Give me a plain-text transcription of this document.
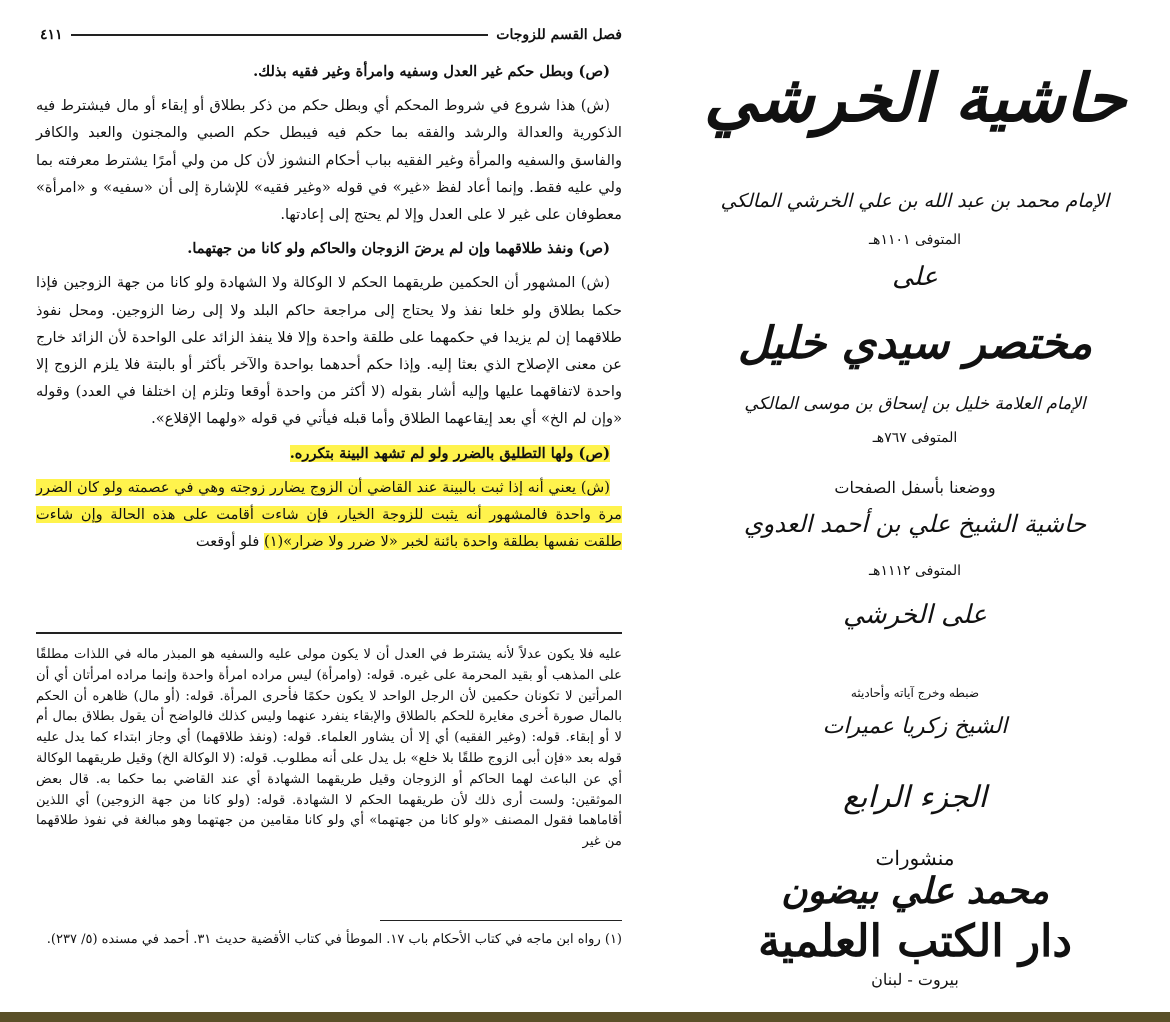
فصل القسم للزوجات
٤١١

(ص) وبطل حكم غير العدل وسفيه وامرأة وغير فقيه بذلك.

(ش) هذا شروع في شروط المحكم أي وبطل حكم من ذكر بطلاق أو إبقاء أو مال فيشترط فيه الذكورية والعدالة والرشد والفقه بما حكم فيه فيبطل حكم الصبي والمجنون والعبد والكافر والفاسق والسفيه والمرأة وغير الفقيه بباب أحكام النشوز لأن كل من ولي أمرًا يشترط معرفته بما ولي عليه فقط. وإنما أعاد لفظ «غير» في قوله «وغير فقيه» للإشارة إلى أن «سفيه» و «امرأة» معطوفان على غير لا على العدل وإلا لم يحتج إلى إعادتها.

(ص) ونفذ طلاقهما وإن لم يرضَ الزوجان والحاكم ولو كانا من جهتهما.

(ش) المشهور أن الحكمين طريقهما الحكم لا الوكالة ولا الشهادة ولو كانا من جهة الزوجين فإذا حكما بطلاق ولو خلعا نفذ ولا يحتاج إلى مراجعة حاكم البلد ولا إلى رضا الزوجين. ومحل نفوذ طلاقهما إن لم يزيدا في حكمهما على طلقة واحدة وإلا فلا ينفذ الزائد على الواحدة لأن الزائد خارج عن معنى الإصلاح الذي بعثا إليه. وإذا حكم أحدهما بواحدة والآخر بأكثر أو بالبتة فلا يلزم الزوج إلا واحدة لاتفاقهما عليها وإليه أشار بقوله (لا أكثر من واحدة أوقعا وتلزم إن اختلفا في العدد) وقوله «وإن لم الخ» أي بعد إيقاعهما الطلاق وأما قبله فيأتي في قوله «ولهما الإقلاع».

(ص) ولها التطليق بالضرر ولو لم تشهد البينة بتكرره.

(ش) يعني أنه إذا ثبت بالبينة عند القاضي أن الزوج يضارر زوجته وهي في عصمته ولو كان الضرر مرة واحدة فالمشهور أنه يثبت للزوجة الخيار، فإن شاءت أقامت على هذه الحالة وإن شاءت طلقت نفسها بطلقة واحدة بائنة لخبر «لا ضرر ولا ضرار»(١) فلو أوقعت

عليه فلا يكون عدلاً لأنه يشترط في العدل أن لا يكون مولى عليه والسفيه هو المبذر ماله في اللذات مطلقًا على المذهب أو بقيد المحرمة على غيره. قوله: (وامرأة) ليس مراده امرأة واحدة وإنما مراده امرأتان أي أن المرأتين لا تكونان حكمين لأن الرجل الواحد لا يكون حكمًا فأحرى المرأة. قوله: (أو مال) ظاهره أن الحكم بالمال صورة أخرى مغايرة للحكم بالطلاق والإبقاء ينفرد عنهما وليس كذلك فالواضح أن يقول بطلاق بمال أم لا أو إبقاء. قوله: (وغير الفقيه) أي إلا أن يشاور العلماء. قوله: (ونفذ طلاقهما) أي وجاز ابتداء كما يدل عليه قوله بعد «فإن أبى الزوج طلقًا بلا خلع» بل يدل على أنه مطلوب. قوله: (لا الوكالة الخ) وقيل طريقهما الوكالة أي عن الباعث لهما الحاكم أو الزوجان وقيل طريقهما الشهادة أي عند القاضي بما حكما به. قال بعض الموثقين: ولست أرى ذلك لأن طريقهما الحكم لا الشهادة. قوله: (ولو كانا من جهة الزوجين) أي اللذين أقاماهما فقول المصنف «ولو كانا من جهتهما» أي ولو كانا مقامين من جهتهما وهو مبالغة في نفوذ طلاقهما من غير

(١) رواه ابن ماجه في كتاب الأحكام باب ١٧. الموطأ في كتاب الأقضية حديث ٣١. أحمد في مسنده (٥/ ٢٣٧).
حاشية الخرشي
الإمام محمد بن عبد الله بن علي الخرشي المالكي
المتوفى ١١٠١هـ
على
مختصر سيدي خليل
الإمام العلامة خليل بن إسحاق بن موسى المالكي
المتوفى ٧٦٧هـ
ووضعنا بأسفل الصفحات
حاشية الشيخ علي بن أحمد العدوي
المتوفى ١١١٢هـ
على الخرشي
ضبطه وخرج آياته وأحاديثه
الشيخ زكريا عميرات
الجزء الرابع
منشورات
محمد علي بيضون
دار الكتب العلمية
بيروت - لبنان
